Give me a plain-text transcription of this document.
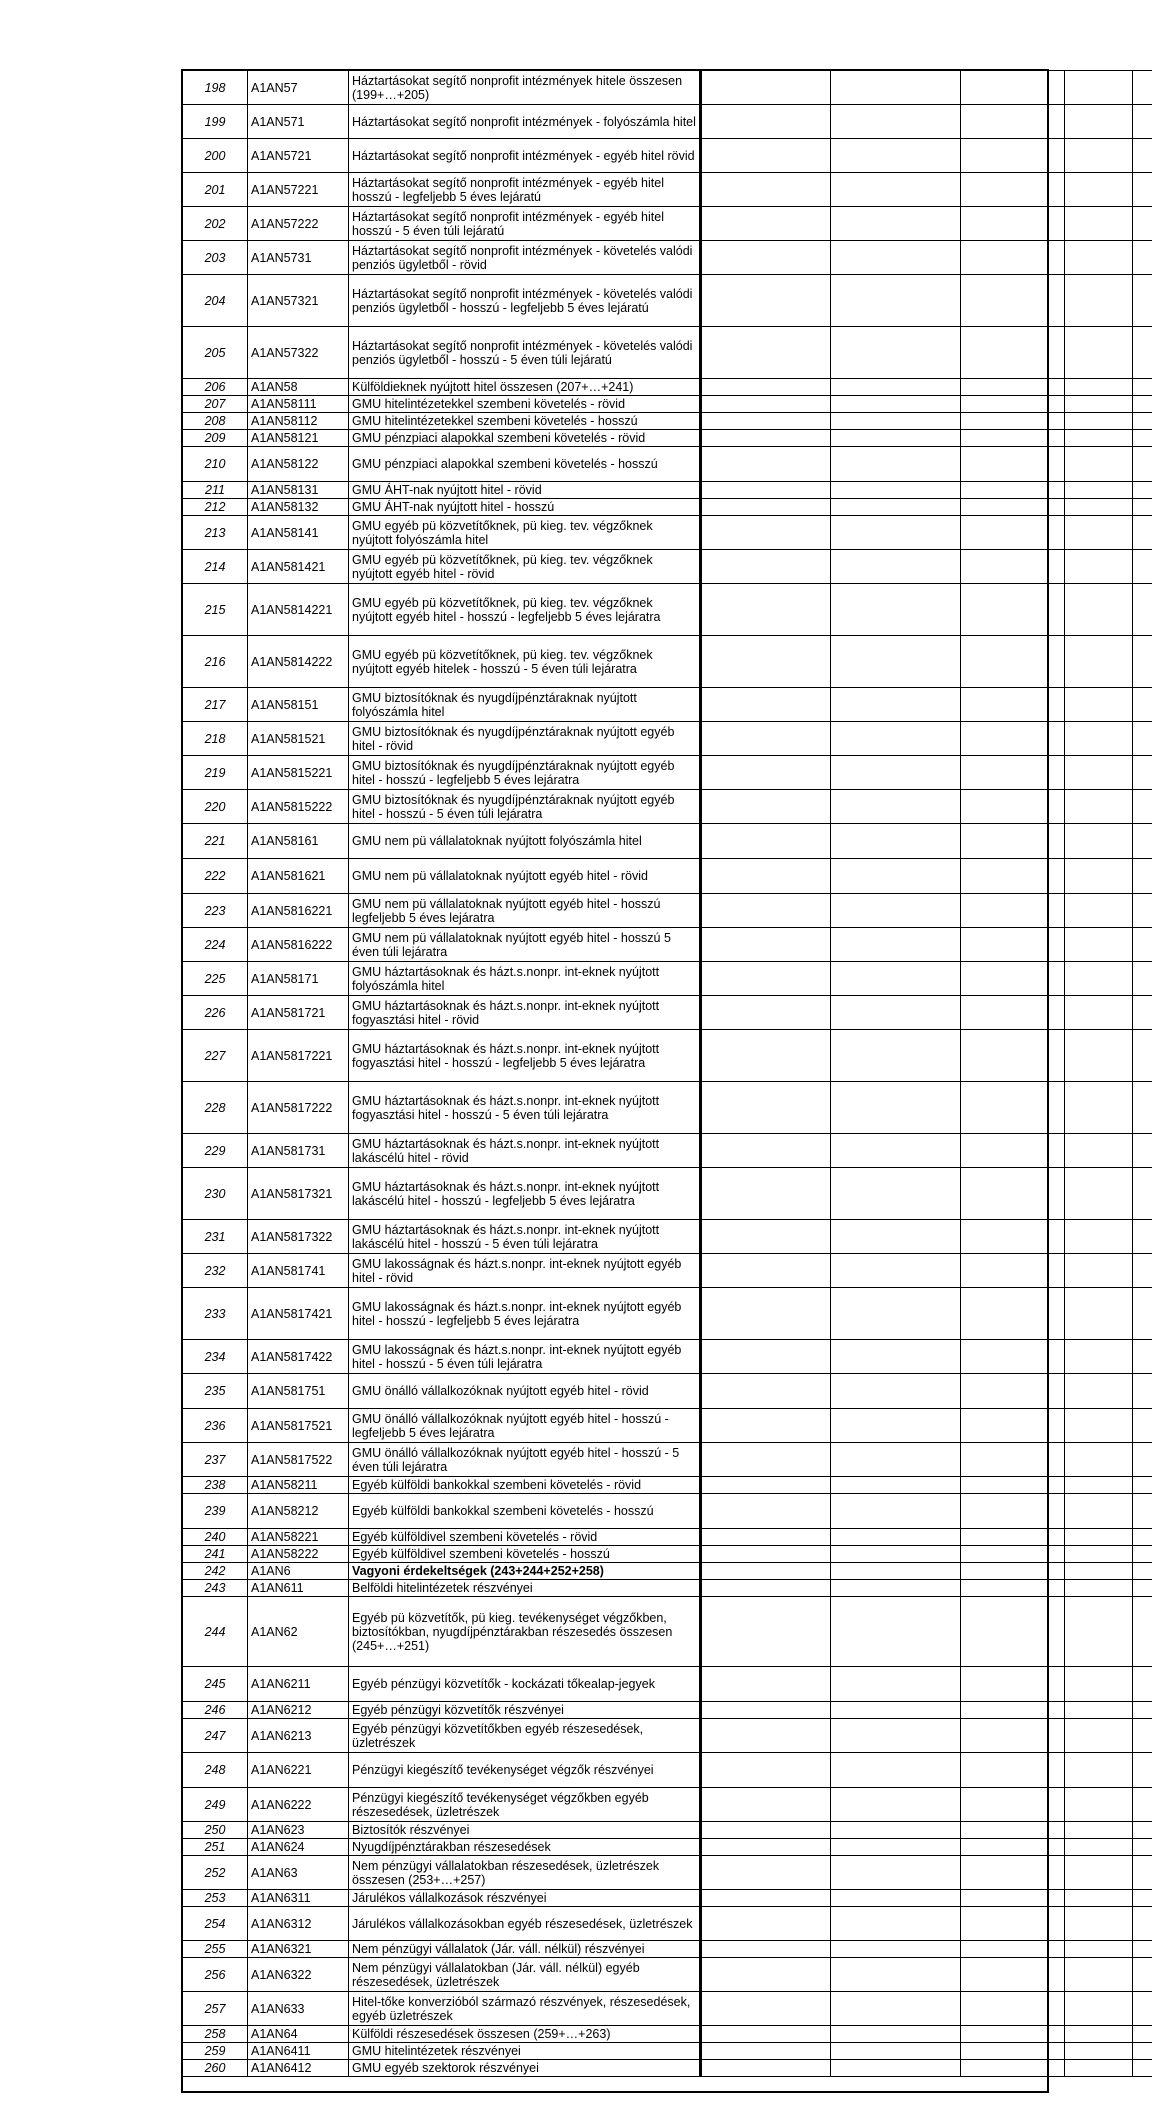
198	A1AN57	Háztartásokat segítő nonprofit intézmények hitele összesen (199+…+205)					
199	A1AN571	Háztartásokat segítő nonprofit intézmények - folyószámla hitel					
200	A1AN5721	Háztartásokat segítő nonprofit intézmények - egyéb hitel rövid					
201	A1AN57221	Háztartásokat segítő nonprofit intézmények - egyéb hitel hosszú - legfeljebb 5 éves lejáratú					
202	A1AN57222	Háztartásokat segítő nonprofit intézmények - egyéb hitel hosszú - 5 éven túli lejáratú					
203	A1AN5731	Háztartásokat segítő nonprofit intézmények - követelés valódi penziós ügyletből - rövid					
204	A1AN57321	Háztartásokat segítő nonprofit intézmények - követelés valódi penziós ügyletből - hosszú - legfeljebb 5 éves lejáratú					
205	A1AN57322	Háztartásokat segítő nonprofit intézmények - követelés valódi penziós ügyletből - hosszú - 5 éven túli lejáratú					
206	A1AN58	Külföldieknek nyújtott hitel összesen (207+…+241)					
207	A1AN58111	GMU hitelintézetekkel szembeni követelés - rövid					
208	A1AN58112	GMU hitelintézetekkel szembeni követelés - hosszú					
209	A1AN58121	GMU pénzpiaci alapokkal szembeni követelés - rövid					
210	A1AN58122	GMU pénzpiaci alapokkal szembeni követelés - hosszú					
211	A1AN58131	GMU ÁHT-nak nyújtott hitel - rövid					
212	A1AN58132	GMU ÁHT-nak nyújtott hitel - hosszú					
213	A1AN58141	GMU egyéb pü közvetítőknek, pü kieg. tev. végzőknek nyújtott folyószámla hitel					
214	A1AN581421	GMU egyéb pü közvetítőknek, pü kieg. tev. végzőknek nyújtott egyéb hitel - rövid					
215	A1AN5814221	GMU egyéb pü közvetítőknek, pü kieg. tev. végzőknek nyújtott egyéb hitel - hosszú - legfeljebb 5 éves lejáratra					
216	A1AN5814222	GMU egyéb pü közvetítőknek, pü kieg. tev. végzőknek nyújtott egyéb hitelek - hosszú - 5 éven túli lejáratra					
217	A1AN58151	GMU biztosítóknak és nyugdíjpénztáraknak nyújtott folyószámla hitel					
218	A1AN581521	GMU biztosítóknak és nyugdíjpénztáraknak nyújtott egyéb hitel - rövid					
219	A1AN5815221	GMU biztosítóknak és nyugdíjpénztáraknak nyújtott egyéb hitel - hosszú - legfeljebb 5 éves lejáratra					
220	A1AN5815222	GMU biztosítóknak és nyugdíjpénztáraknak nyújtott egyéb hitel - hosszú - 5 éven túli lejáratra					
221	A1AN58161	GMU nem pü vállalatoknak nyújtott folyószámla hitel					
222	A1AN581621	GMU nem pü vállalatoknak nyújtott egyéb hitel - rövid					
223	A1AN5816221	GMU nem pü vállalatoknak nyújtott egyéb hitel - hosszú legfeljebb 5 éves lejáratra					
224	A1AN5816222	GMU nem pü vállalatoknak nyújtott egyéb hitel - hosszú 5 éven túli lejáratra					
225	A1AN58171	GMU háztartásoknak és házt.s.nonpr. int-eknek nyújtott folyószámla hitel					
226	A1AN581721	GMU háztartásoknak és házt.s.nonpr. int-eknek nyújtott fogyasztási hitel - rövid					
227	A1AN5817221	GMU háztartásoknak és házt.s.nonpr. int-eknek nyújtott fogyasztási hitel - hosszú - legfeljebb 5 éves lejáratra					
228	A1AN5817222	GMU háztartásoknak és házt.s.nonpr. int-eknek nyújtott fogyasztási hitel - hosszú - 5 éven túli lejáratra					
229	A1AN581731	GMU háztartásoknak és házt.s.nonpr. int-eknek nyújtott lakáscélú hitel - rövid					
230	A1AN5817321	GMU háztartásoknak és házt.s.nonpr. int-eknek nyújtott lakáscélú hitel - hosszú - legfeljebb 5 éves lejáratra					
231	A1AN5817322	GMU háztartásoknak és házt.s.nonpr. int-eknek nyújtott lakáscélú hitel - hosszú - 5 éven túli lejáratra					
232	A1AN581741	GMU lakosságnak és házt.s.nonpr. int-eknek nyújtott egyéb hitel - rövid					
233	A1AN5817421	GMU lakosságnak és házt.s.nonpr. int-eknek nyújtott egyéb hitel - hosszú - legfeljebb 5 éves lejáratra					
234	A1AN5817422	GMU lakosságnak és házt.s.nonpr. int-eknek nyújtott egyéb hitel - hosszú - 5 éven túli lejáratra					
235	A1AN581751	GMU önálló vállalkozóknak nyújtott egyéb hitel - rövid					
236	A1AN5817521	GMU önálló vállalkozóknak nyújtott egyéb hitel - hosszú - legfeljebb 5 éves lejáratra					
237	A1AN5817522	GMU önálló vállalkozóknak nyújtott egyéb hitel - hosszú - 5 éven túli lejáratra					
238	A1AN58211	Egyéb külföldi bankokkal szembeni követelés - rövid					
239	A1AN58212	Egyéb külföldi bankokkal szembeni követelés - hosszú					
240	A1AN58221	Egyéb külföldivel szembeni követelés - rövid					
241	A1AN58222	Egyéb külföldivel szembeni követelés - hosszú					
242	A1AN6	Vagyoni érdekeltségek (243+244+252+258)					
243	A1AN611	Belföldi hitelintézetek részvényei					
244	A1AN62	Egyéb pü közvetítők, pü kieg. tevékenységet végzőkben, biztosítókban, nyugdíjpénztárakban részesedés összesen (245+…+251)					
245	A1AN6211	Egyéb pénzügyi közvetítők - kockázati tőkealap-jegyek					
246	A1AN6212	Egyéb pénzügyi közvetítők részvényei					
247	A1AN6213	Egyéb pénzügyi közvetítőkben egyéb részesedések, üzletrészek					
248	A1AN6221	Pénzügyi kiegészítő tevékenységet végzők részvényei					
249	A1AN6222	Pénzügyi kiegészítő tevékenységet végzőkben egyéb részesedések, üzletrészek					
250	A1AN623	Biztosítók részvényei					
251	A1AN624	Nyugdíjpénztárakban részesedések					
252	A1AN63	Nem pénzügyi vállalatokban részesedések, üzletrészek összesen (253+…+257)					
253	A1AN6311	Járulékos vállalkozások részvényei					
254	A1AN6312	Járulékos vállalkozásokban egyéb részesedések, üzletrészek					
255	A1AN6321	Nem pénzügyi vállalatok (Jár. váll. nélkül) részvényei					
256	A1AN6322	Nem pénzügyi vállalatokban (Jár. váll. nélkül) egyéb részesedések, üzletrészek					
257	A1AN633	Hitel-tőke konverzióból származó részvények, részesedések, egyéb üzletrészek					
258	A1AN64	Külföldi részesedések összesen (259+…+263)					
259	A1AN6411	GMU hitelintézetek részvényei					
260	A1AN6412	GMU egyéb szektorok részvényei					
